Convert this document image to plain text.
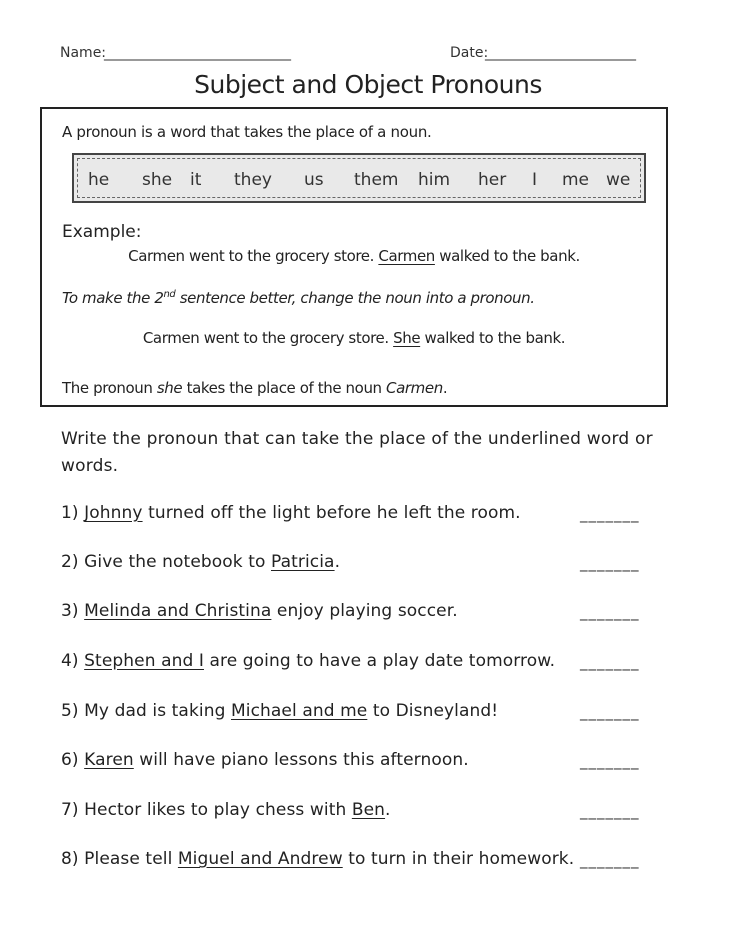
Name:
_______________________________	Date:
_________________________
Subject and Object Pronouns
A pronoun is a word that takes the place of a noun.
he she it they us them him her I me we
Example:
Carmen went to the grocery store. Carmen walked to the bank.
To make the 2nd sentence better, change the noun into a pronoun.
Carmen went to the grocery store. She walked to the bank.
The pronoun she takes the place of the noun Carmen.
Write the pronoun that can take the place of the underlined word or words.
1) Johnny turned off the light before he left the room.	_______
2) Give the notebook to Patricia.	_______
3) Melinda and Christina enjoy playing soccer.	_______
4) Stephen and I are going to have a play date tomorrow. _______
5) My dad is taking Michael and me to Disneyland!	_______
6) Karen will have piano lessons this afternoon.	_______
7) Hector likes to play chess with Ben.	_______
8) Please tell Miguel and Andrew to turn in their homework. _______
